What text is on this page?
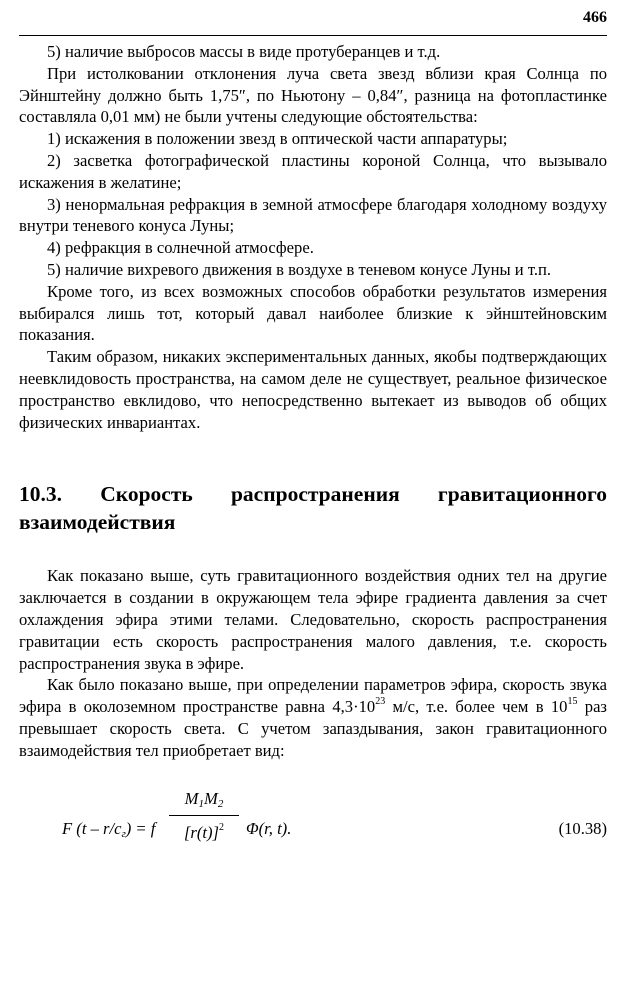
466

5) наличие выбросов массы в виде протуберанцев и т.д.

При истолковании отклонения луча света звезд вблизи края Солнца по Эйнштейну должно быть 1,75″, по Ньютону – 0,84″, разница на фотопластинке составляла 0,01 мм) не были учтены следующие обстоятельства:

1) искажения в положении звезд в оптической части аппаратуры;

2) засветка фотографической пластины короной Солнца, что вызывало искажения в желатине;

3) ненормальная рефракция в земной атмосфере благодаря холодному воздуху внутри теневого конуса Луны;

4) рефракция в солнечной атмосфере.

5) наличие вихревого движения в воздухе в теневом конусе Луны и т.п.

Кроме того, из всех возможных способов обработки результатов измерения выбирался лишь тот, который давал наиболее близкие к эйнштейновским показания.

Таким образом, никаких экспериментальных данных, якобы подтверждающих неевклидовость пространства, на самом деле не существует, реальное физическое пространство евклидово, что непосредственно вытекает из выводов об общих физических инвариантах.

10.3. Скорость распространения гравитационного взаимодействия

Как показано выше, суть гравитационного воздействия одних тел на другие заключается в создании в окружающем тела эфире градиента давления за счет охлаждения эфира этими телами. Следовательно, скорость распространения гравитации есть скорость распространения малого давления, т.е. скорость распространения звука в эфире.

Как было показано выше, при определении параметров эфира, скорость звука эфира в околоземном пространстве равна $4,3\cdot 10^{23}$ м/с, т.е. более чем в $10^{15}$ раз превышает скорость света. С учетом запаздывания, закон гравитационного взаимодействия тел приобретает вид:

F $(t - r/c_г) = f$
$M_1M_2$
$[r(t)]^2$	Φ(r, t).	(10.38)
